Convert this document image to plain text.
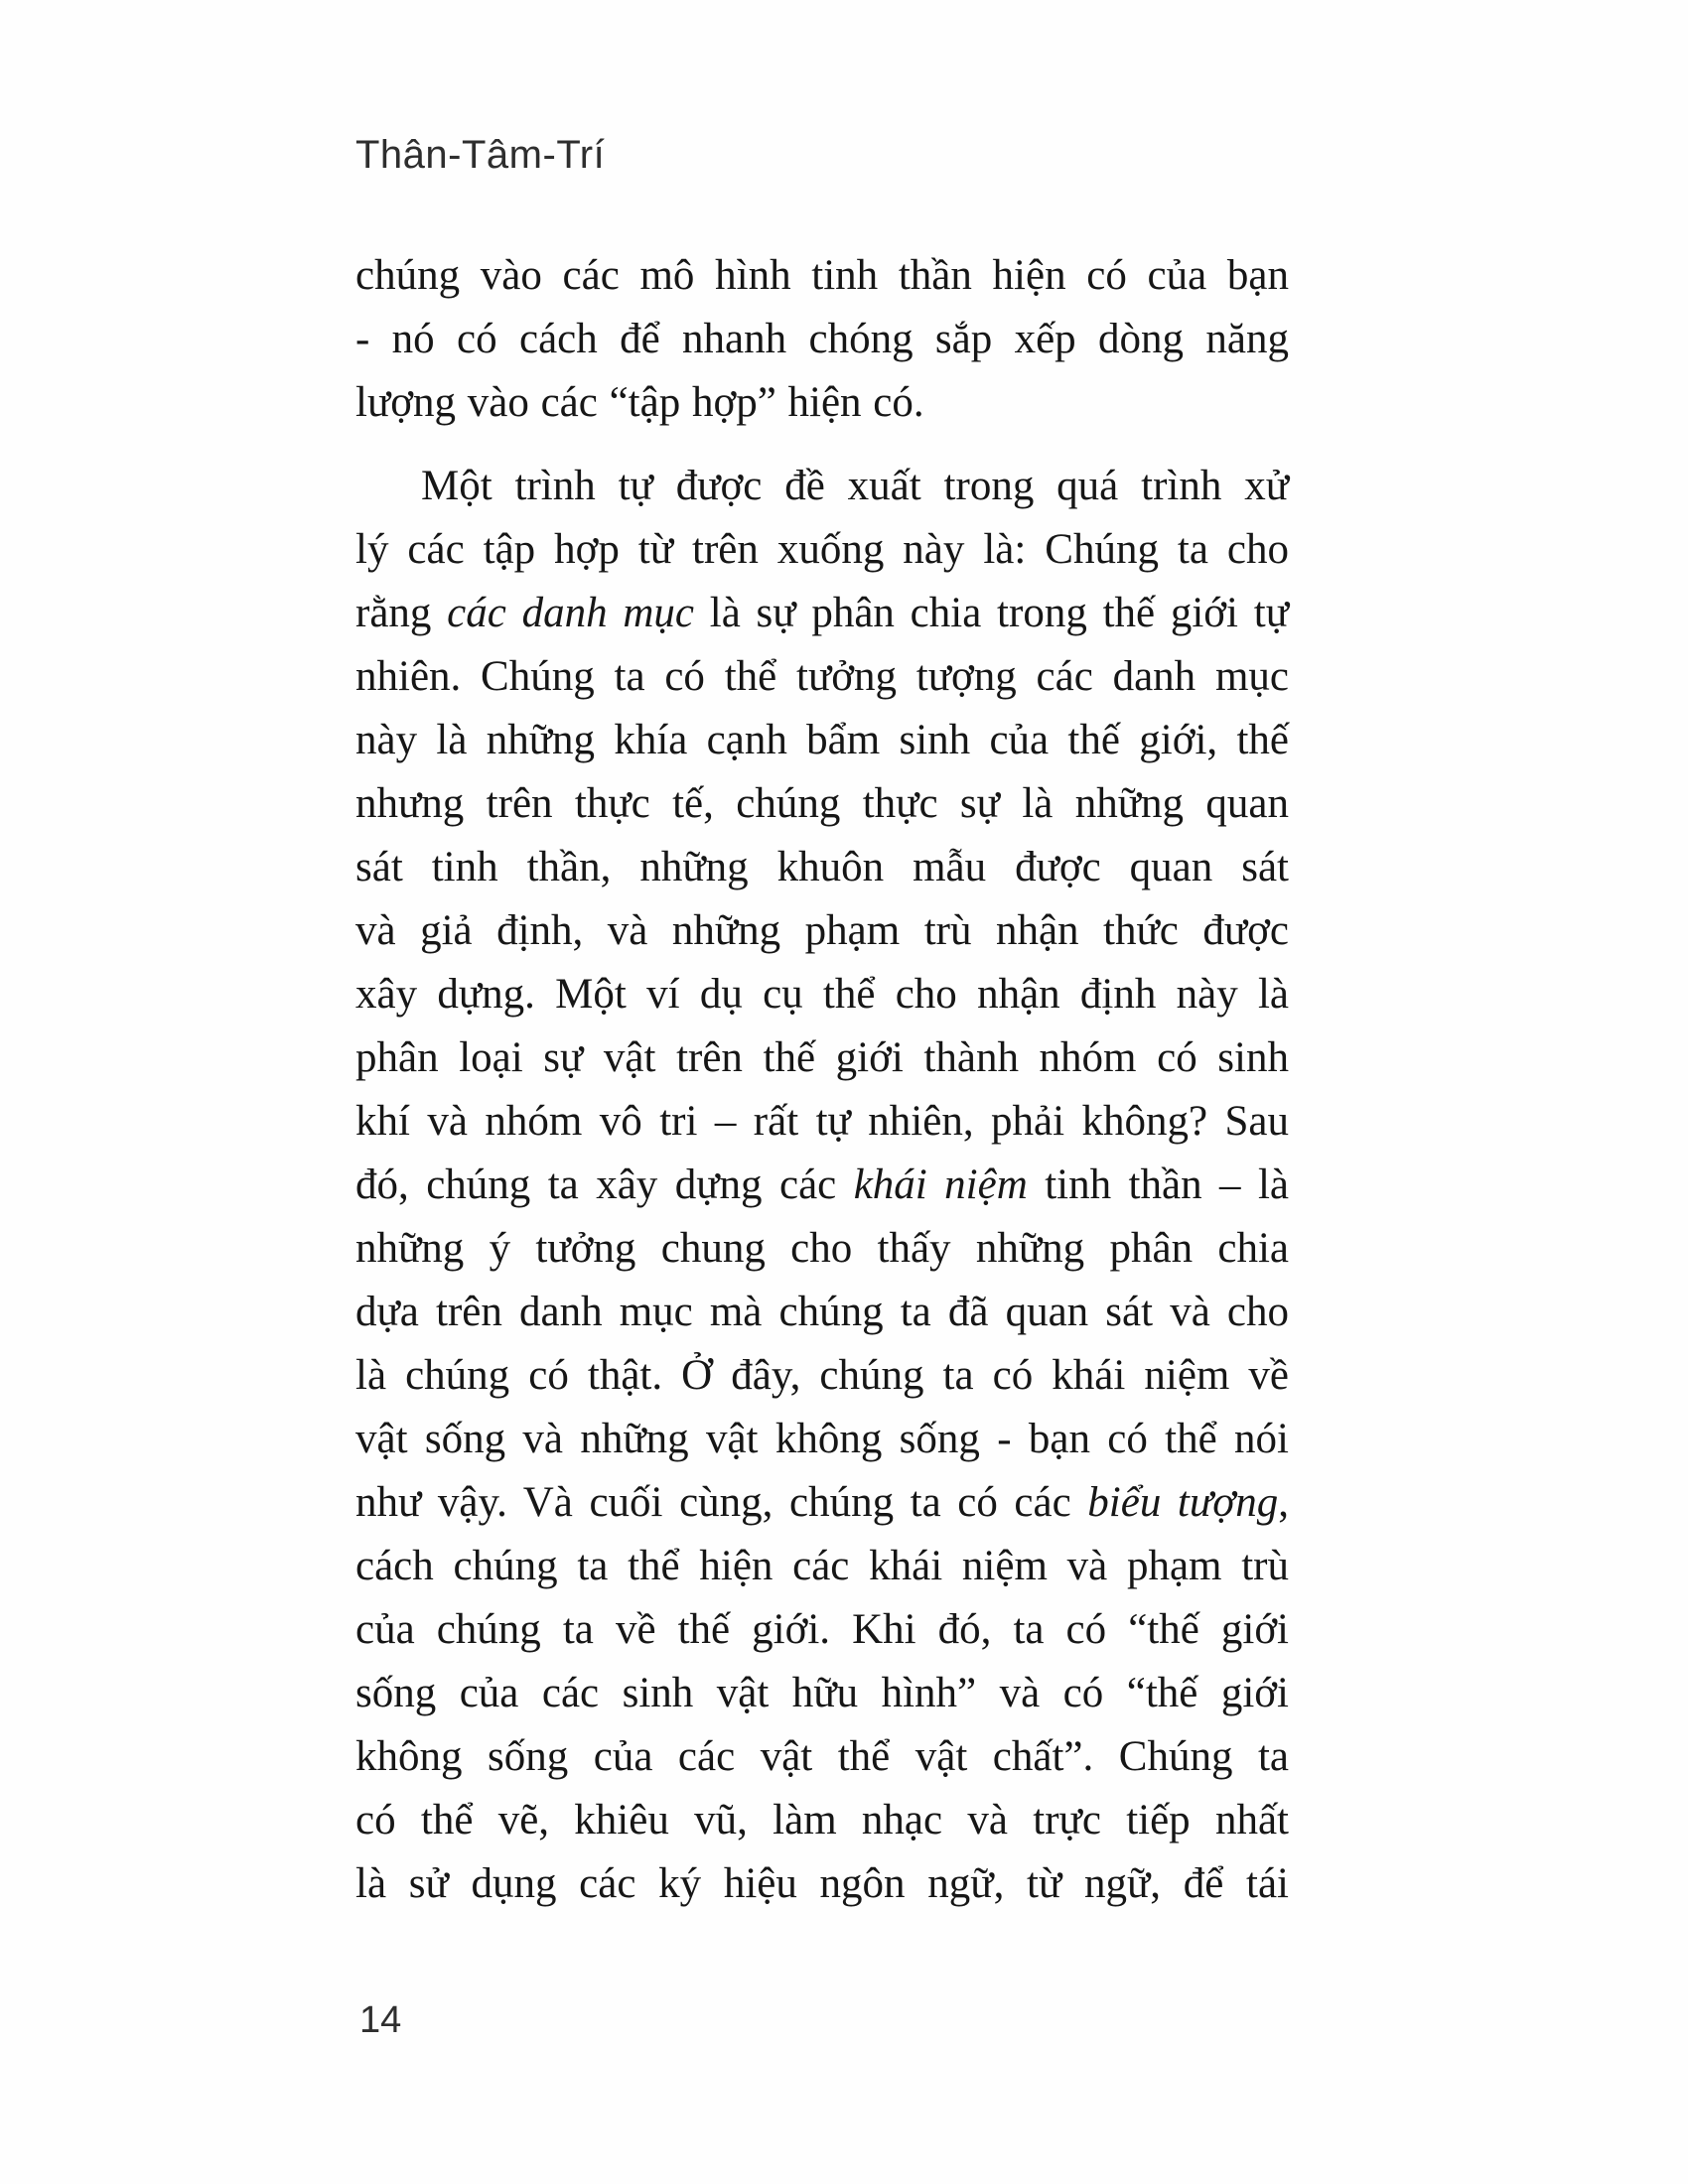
Thân-Tâm-Trí
chúng vào các mô hình tinh thần hiện có của bạn
- nó có cách để nhanh chóng sắp xếp dòng năng
lượng vào các “tập hợp” hiện có.
Một trình tự được đề xuất trong quá trình xử
lý các tập hợp từ trên xuống này là: Chúng ta cho
rằng các danh mục là sự phân chia trong thế giới tự
nhiên. Chúng ta có thể tưởng tượng các danh mục
này là những khía cạnh bẩm sinh của thế giới, thế
nhưng trên thực tế, chúng thực sự là những quan
sát tinh thần, những khuôn mẫu được quan sát
và giả định, và những phạm trù nhận thức được
xây dựng. Một ví dụ cụ thể cho nhận định này là
phân loại sự vật trên thế giới thành nhóm có sinh
khí và nhóm vô tri – rất tự nhiên, phải không? Sau
đó, chúng ta xây dựng các khái niệm tinh thần – là
những ý tưởng chung cho thấy những phân chia
dựa trên danh mục mà chúng ta đã quan sát và cho
là chúng có thật. Ở đây, chúng ta có khái niệm về
vật sống và những vật không sống - bạn có thể nói
như vậy. Và cuối cùng, chúng ta có các biểu tượng,
cách chúng ta thể hiện các khái niệm và phạm trù
của chúng ta về thế giới. Khi đó, ta có “thế giới
sống của các sinh vật hữu hình” và có “thế giới
không sống của các vật thể vật chất”. Chúng ta
có thể vẽ, khiêu vũ, làm nhạc và trực tiếp nhất
là sử dụng các ký hiệu ngôn ngữ, từ ngữ, để tái
14
